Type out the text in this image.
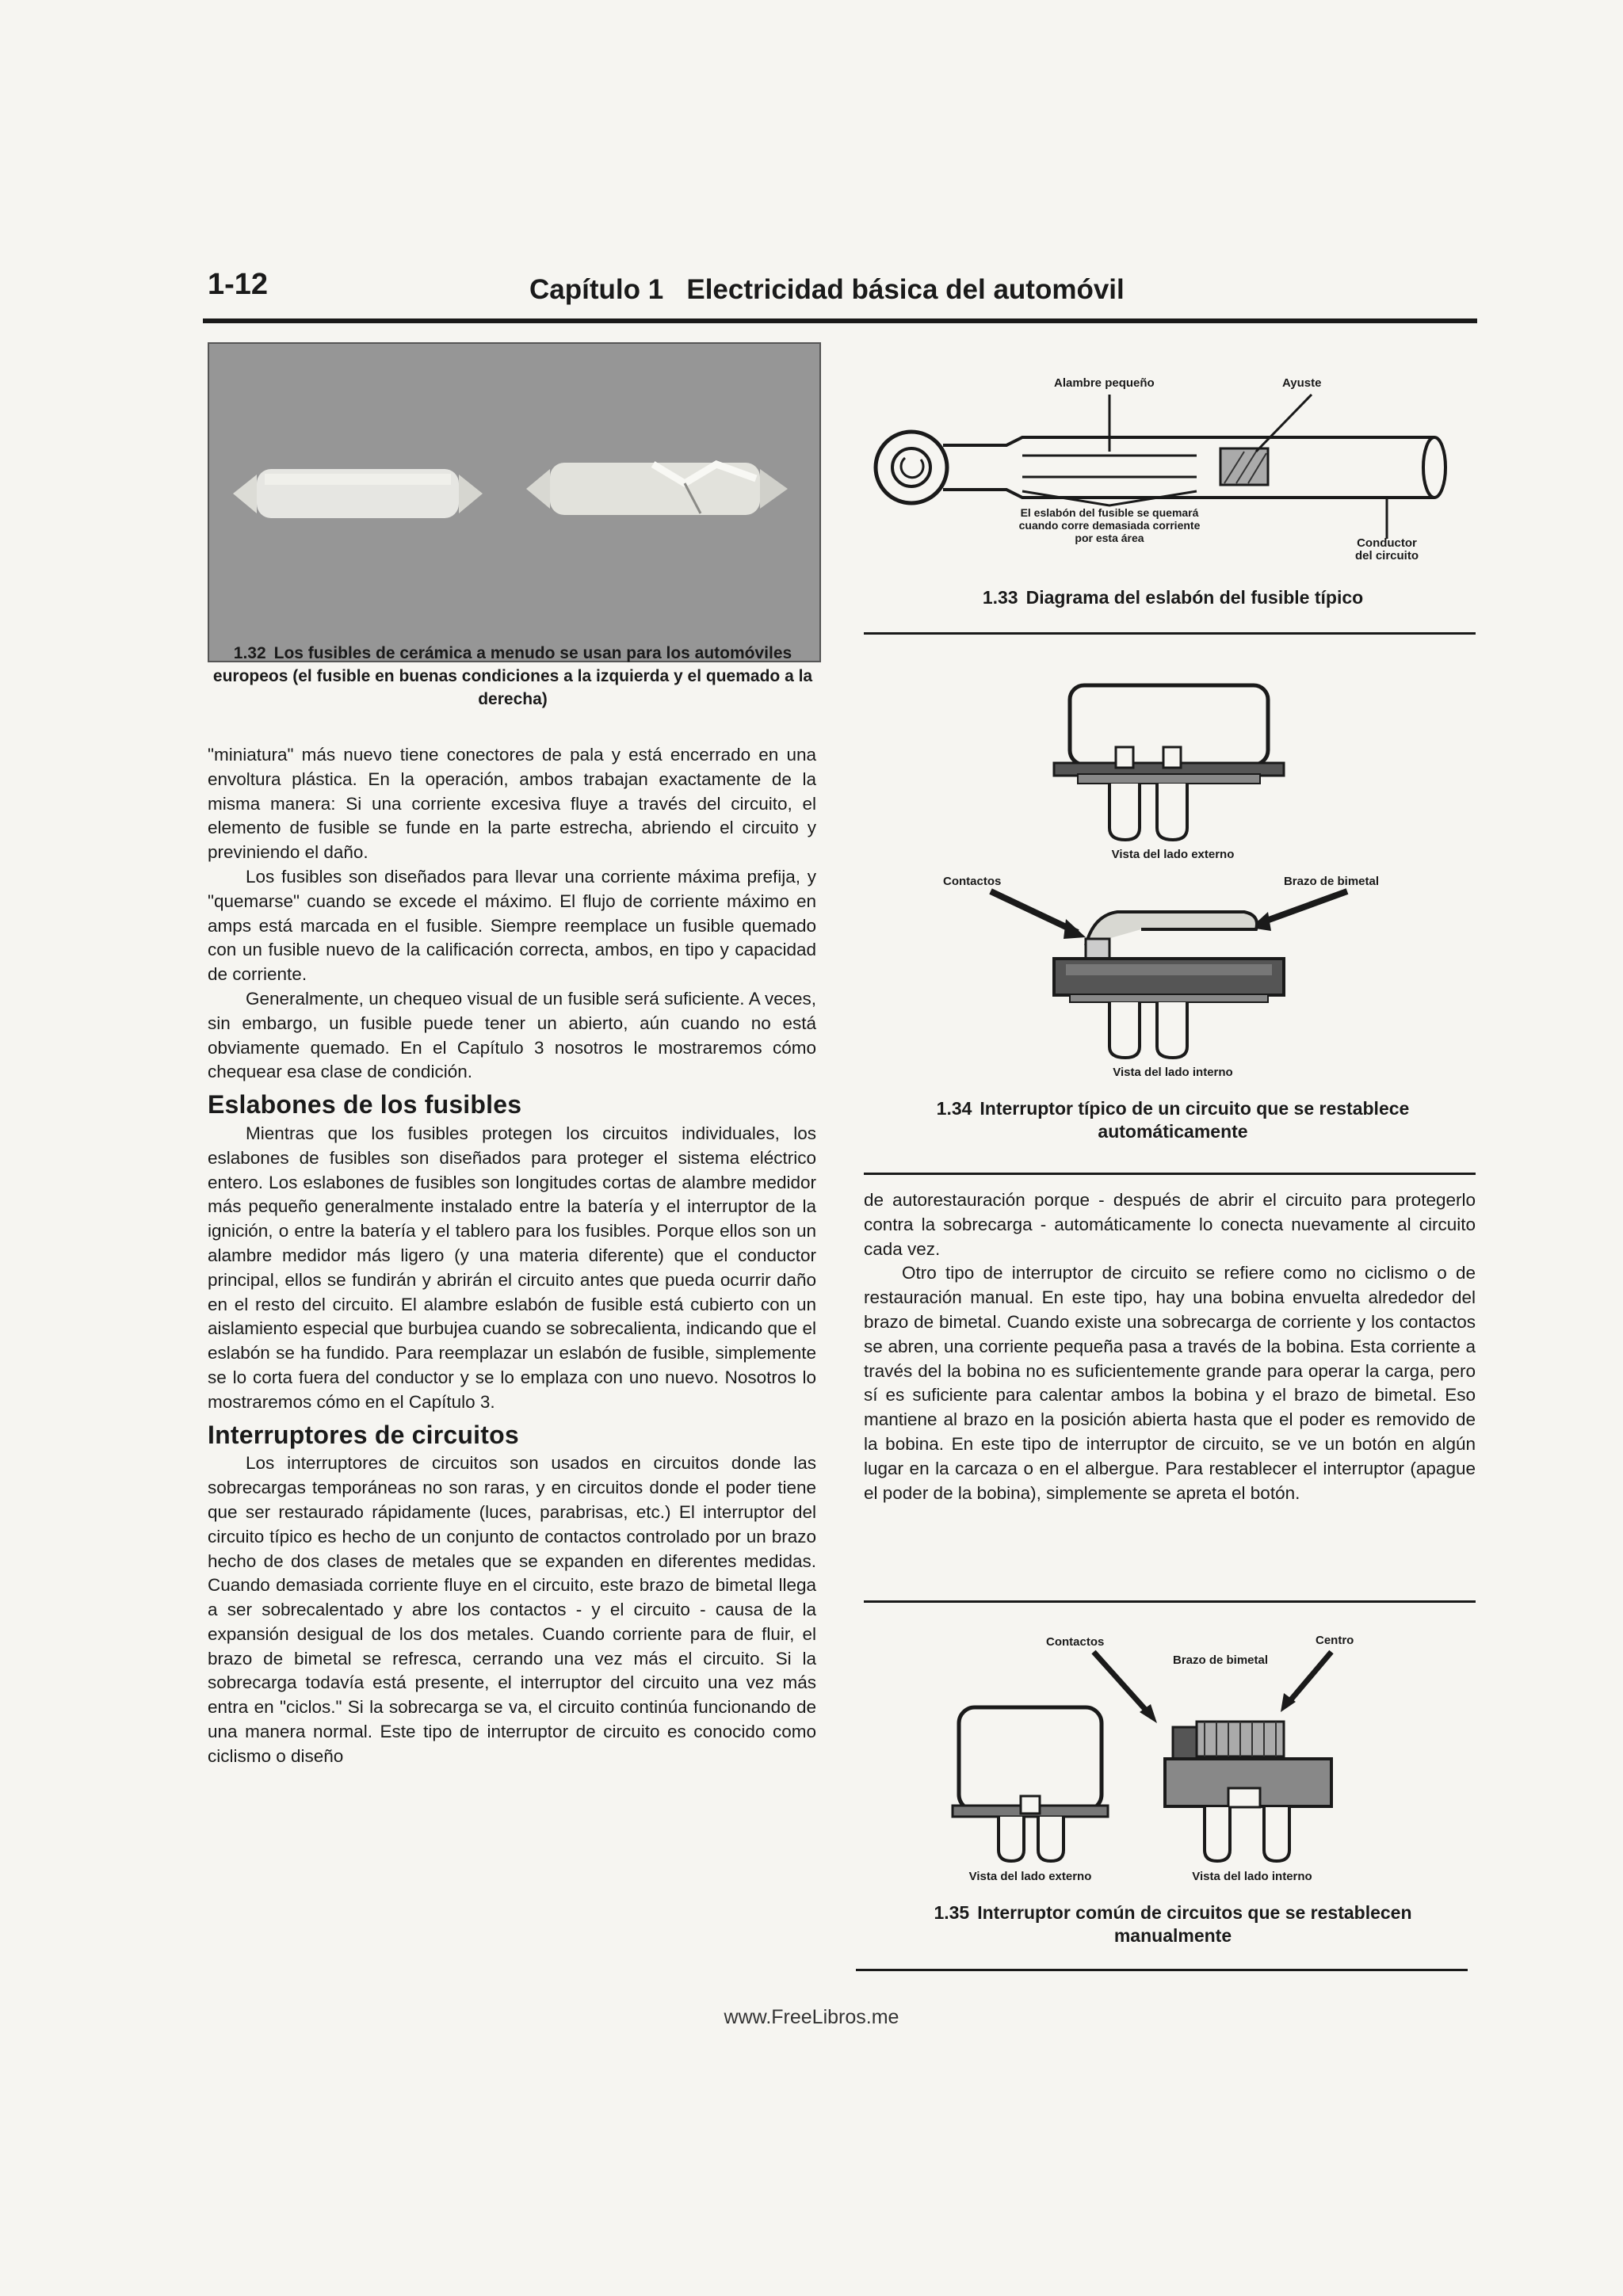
1-12	Capítulo 1   Electricidad básica del automóvil
1.32 Los fusibles de cerámica a menudo se usan para los automóviles europeos (el fusible en buenas condiciones a la izquierda y el quemado a la derecha)
Alambre pequeño	Ayuste
El eslabón del fusible se quemará
cuando corre demasiada corriente
por esta área	Conductor
del circuito
1.33 Diagrama del eslabón del fusible típico
Vista del lado externo
Contactos	Brazo de bimetal
Vista del lado interno
1.34 Interruptor típico de un circuito que se restablece automáticamente

"miniatura" más nuevo tiene conectores de pala y está encerrado en una envoltura plástica. En la operación, ambos trabajan exactamente de la misma manera: Si una corriente excesiva fluye a través del circuito, el elemento de fusible se funde en la parte estrecha, abriendo el circuito y previniendo el daño.

Los fusibles son diseñados para llevar una corriente máxima prefija, y "quemarse" cuando se excede el máximo. El flujo de corriente máximo en amps está marcada en el fusible. Siempre reemplace un fusible quemado con un fusible nuevo de la calificación correcta, ambos, en tipo y capacidad de corriente.

Generalmente, un chequeo visual de un fusible será suficiente. A veces, sin embargo, un fusible puede tener un abierto, aún cuando no está obviamente quemado. En el Capítulo 3 nosotros le mostraremos cómo chequear esa clase de condición.

Eslabones de los fusibles

Mientras que los fusibles protegen los circuitos individuales, los eslabones de fusibles son diseñados para proteger el sistema eléctrico entero. Los eslabones de fusibles son longitudes cortas de alambre medidor más pequeño generalmente instalado entre la batería y el interruptor de la ignición, o entre la batería y el tablero para los fusibles. Porque ellos son un alambre medidor más ligero (y una materia diferente) que el conductor principal, ellos se fundirán y abrirán el circuito antes que pueda ocurrir daño en el resto del circuito. El alambre eslabón de fusible está cubierto con un aislamiento especial que burbujea cuando se sobrecalienta, indicando que el eslabón se ha fundido. Para reemplazar un eslabón de fusible, simplemente se lo corta fuera del conductor y se lo emplaza con uno nuevo. Nosotros lo mostraremos cómo en el Capítulo 3.

Interruptores de circuitos

Los interruptores de circuitos son usados en circuitos donde las sobrecargas temporáneas no son raras, y en circuitos donde el poder tiene que ser restaurado rápidamente (luces, parabrisas, etc.) El interruptor del circuito típico es hecho de un conjunto de contactos controlado por un brazo hecho de dos clases de metales que se expanden en diferentes medidas. Cuando demasiada corriente fluye en el circuito, este brazo de bimetal llega a ser sobrecalentado y abre los contactos - y el circuito - causa de la expansión desigual de los dos metales. Cuando corriente para de fluir, el brazo de bimetal se refresca, cerrando una vez más el circuito. Si la sobrecarga todavía está presente, el interruptor del circuito una vez más entra en "ciclos." Si la sobrecarga se va, el circuito continúa funcionando de una manera normal. Este tipo de interruptor de circuito es conocido como ciclismo o diseño

de autorestauración porque - después de abrir el circuito para protegerlo contra la sobrecarga - automáticamente lo conecta nuevamente al circuito cada vez.

Otro tipo de interruptor de circuito se refiere como no ciclismo o de restauración manual. En este tipo, hay una bobina envuelta alrededor del brazo de bimetal. Cuando existe una sobrecarga de corriente y los contactos se abren, una corriente pequeña pasa a través de la bobina. Esta corriente a través del la bobina no es suficientemente grande para operar la carga, pero sí es suficiente para calentar ambos la bobina y el brazo de bimetal. Eso mantiene al brazo en la posición abierta hasta que el poder es removido de la bobina. En este tipo de interruptor de circuito, se ve un botón en algún lugar en la carcaza o en el albergue. Para restablecer el interruptor (apague el poder de la bobina), simplemente se apreta el botón.

Contactos
Brazo de bimetal
Centro
Vista del lado externo	Vista del lado interno
1.35 Interruptor común de circuitos que se restablecen manualmente
www.FreeLibros.me
